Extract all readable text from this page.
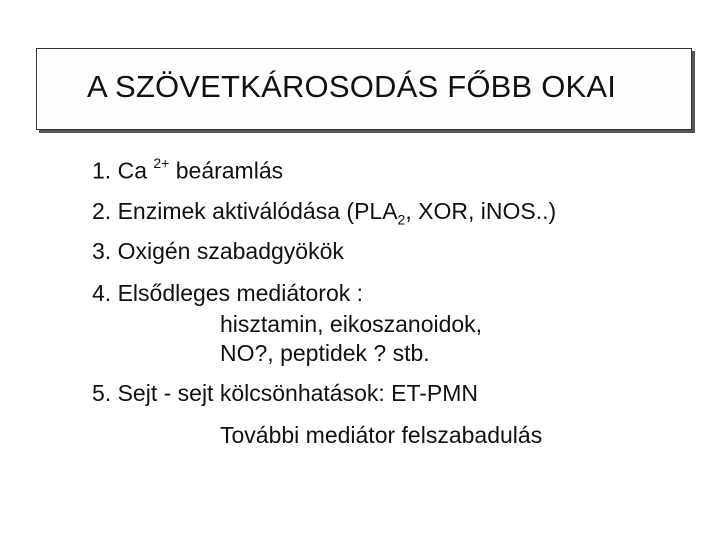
A SZÖVETKÁROSODÁS FŐBB OKAI
1. Ca $^{2+}$ beáramlás
2. Enzimek aktiválódása ($PLA_2$, XOR, iNOS..)
3. Oxigén szabadgyökök
4. Elsődleges mediátorok :
hisztamin, eikoszanoidok,
NO?, peptidek ? stb.
5. Sejt - sejt kölcsönhatások: ET-PMN
További mediátor felszabadulás
